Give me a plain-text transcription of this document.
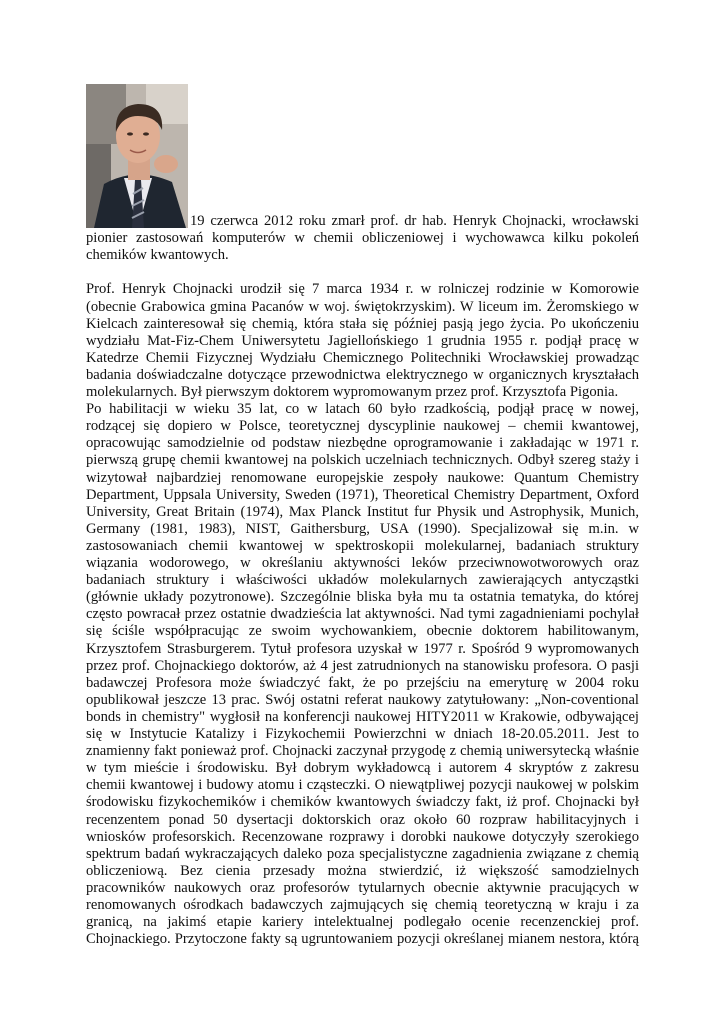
19 czerwca 2012 roku zmarł prof. dr hab. Henryk Chojnacki, wrocławski
pionier zastosowań komputerów w chemii obliczeniowej i wychowawca kilku pokoleń
chemików kwantowych.
Prof. Henryk Chojnacki urodził się 7 marca 1934 r. w rolniczej rodzinie w Komorowie
(obecnie Grabowica gmina Pacanów w woj. świętokrzyskim). W liceum im. Żeromskiego w
Kielcach zainteresował się chemią, która stała się później pasją jego życia. Po ukończeniu
wydziału Mat-Fiz-Chem Uniwersytetu Jagiellońskiego 1 grudnia 1955 r. podjął pracę w
Katedrze Chemii Fizycznej Wydziału Chemicznego Politechniki Wrocławskiej prowadząc
badania doświadczalne dotyczące przewodnictwa elektrycznego w organicznych kryształach
molekularnych. Był pierwszym doktorem wypromowanym przez prof. Krzysztofa Pigonia.
Po habilitacji w wieku 35 lat, co w latach 60 było rzadkością, podjął pracę w nowej,
rodzącej się dopiero w Polsce, teoretycznej dyscyplinie naukowej – chemii kwantowej,
opracowując samodzielnie od podstaw niezbędne oprogramowanie i zakładając w 1971 r.
pierwszą grupę chemii kwantowej na polskich uczelniach technicznych. Odbył szereg staży i
wizytował najbardziej renomowane europejskie zespoły naukowe: Quantum Chemistry
Department, Uppsala University, Sweden (1971), Theoretical Chemistry Department, Oxford
University, Great Britain (1974), Max Planck Institut fur Physik und Astrophysik, Munich,
Germany (1981, 1983), NIST, Gaithersburg, USA (1990). Specjalizował się m.in. w
zastosowaniach chemii kwantowej w spektroskopii molekularnej, badaniach struktury
wiązania wodorowego, w określaniu aktywności leków przeciwnowotworowych oraz
badaniach struktury i właściwości układów molekularnych zawierających antycząstki
(głównie układy pozytronowe). Szczególnie bliska była mu ta ostatnia tematyka, do której
często powracał przez ostatnie dwadzieścia lat aktywności. Nad tymi zagadnieniami pochylał
się ściśle współpracując ze swoim wychowankiem, obecnie doktorem habilitowanym,
Krzysztofem Strasburgerem. Tytuł profesora uzyskał w 1977 r. Spośród 9 wypromowanych
przez prof. Chojnackiego doktorów, aż 4 jest zatrudnionych na stanowisku profesora. O pasji
badawczej Profesora może świadczyć fakt, że po przejściu na emeryturę w 2004 roku
opublikował jeszcze 13 prac. Swój ostatni referat naukowy zatytułowany: „Non-coventional
bonds in chemistry" wygłosił na konferencji naukowej HITY2011 w Krakowie, odbywającej
się w Instytucie Katalizy i Fizykochemii Powierzchni w dniach 18-20.05.2011. Jest to
znamienny fakt ponieważ prof. Chojnacki zaczynał przygodę z chemią uniwersytecką właśnie
w tym mieście i środowisku. Był dobrym wykładowcą i autorem 4 skryptów z zakresu
chemii kwantowej i budowy atomu i cząsteczki. O niewątpliwej pozycji naukowej w polskim
środowisku fizykochemików i chemików kwantowych świadczy fakt, iż prof. Chojnacki był
recenzentem ponad 50 dysertacji doktorskich oraz około 60 rozpraw habilitacyjnych i
wniosków profesorskich. Recenzowane rozprawy i dorobki naukowe dotyczyły szerokiego
spektrum badań wykraczających daleko poza specjalistyczne zagadnienia związane z chemią
obliczeniową. Bez cienia przesady można stwierdzić, iż większość samodzielnych
pracowników naukowych oraz profesorów tytularnych obecnie aktywnie pracujących w
renomowanych ośrodkach badawczych zajmujących się chemią teoretyczną w kraju i za
granicą, na jakimś etapie kariery intelektualnej podlegało ocenie recenzenckiej prof.
Chojnackiego. Przytoczone fakty są ugruntowaniem pozycji określanej mianem nestora, którą
